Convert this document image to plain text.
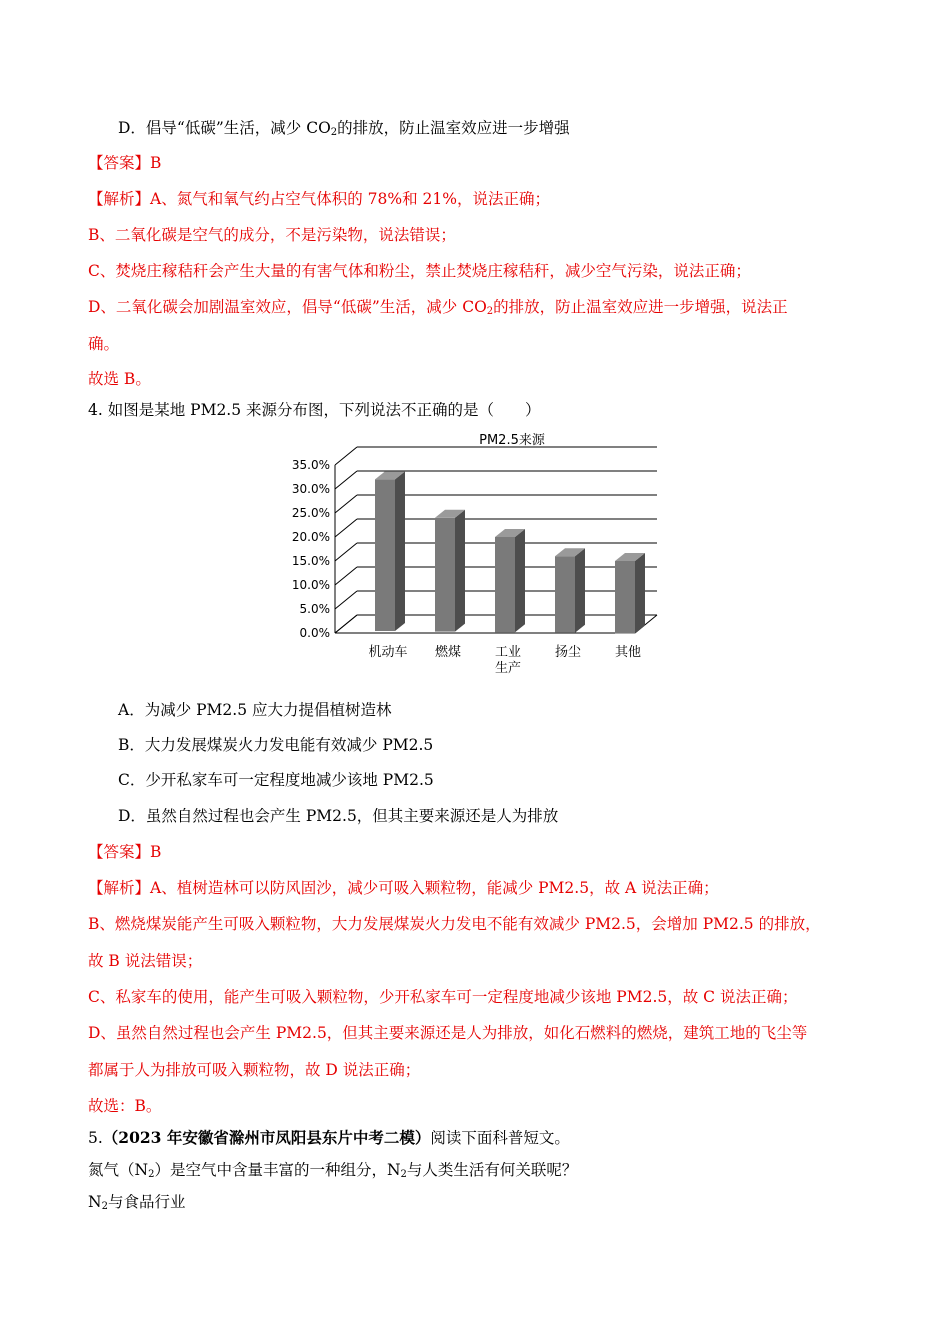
D．倡导“低碳”生活，减少 $CO_2$的排放，防止温室效应进一步增强
【答案】B
【解析】A、氮气和氧气约占空气体积的 78%和 21%，说法正确；
B、二氧化碳是空气的成分，不是污染物，说法错误；
C、焚烧庄稼秸秆会产生大量的有害气体和粉尘，禁止焚烧庄稼秸秆，减少空气污染，说法正确；
D、二氧化碳会加剧温室效应，倡导“低碳”生活，减少 $CO_2$的排放，防止温室效应进一步增强，说法正
确。
故选 B。
4. 如图是某地 PM2.5 来源分布图，下列说法不正确的是（　　）
PM2.5来源
0.0%
5.0%
10.0%
15.0%
20.0%
25.0%
30.0%
35.0%
机动车 燃煤	工业
生产
扬尘	其他
A．为减少 PM2.5 应大力提倡植树造林
B．大力发展煤炭火力发电能有效减少 PM2.5
C．少开私家车可一定程度地减少该地 PM2.5
D．虽然自然过程也会产生 PM2.5，但其主要来源还是人为排放
【答案】B
【解析】A、植树造林可以防风固沙，减少可吸入颗粒物，能减少 PM2.5，故 A 说法正确；
B、燃烧煤炭能产生可吸入颗粒物，大力发展煤炭火力发电不能有效减少 PM2.5，会增加 PM2.5 的排放，
故 B 说法错误；
C、私家车的使用，能产生可吸入颗粒物，少开私家车可一定程度地减少该地 PM2.5，故 C 说法正确；
D、虽然自然过程也会产生 PM2.5，但其主要来源还是人为排放，如化石燃料的燃烧，建筑工地的飞尘等
都属于人为排放可吸入颗粒物，故 D 说法正确；
故选：B。
5.（2023 年安徽省滁州市凤阳县东片中考二模）阅读下面科普短文。
氮气$(N_2)$是空气中含量丰富的一种组分，$N_2$与人类生活有何关联呢？
$N_2$与食品行业
